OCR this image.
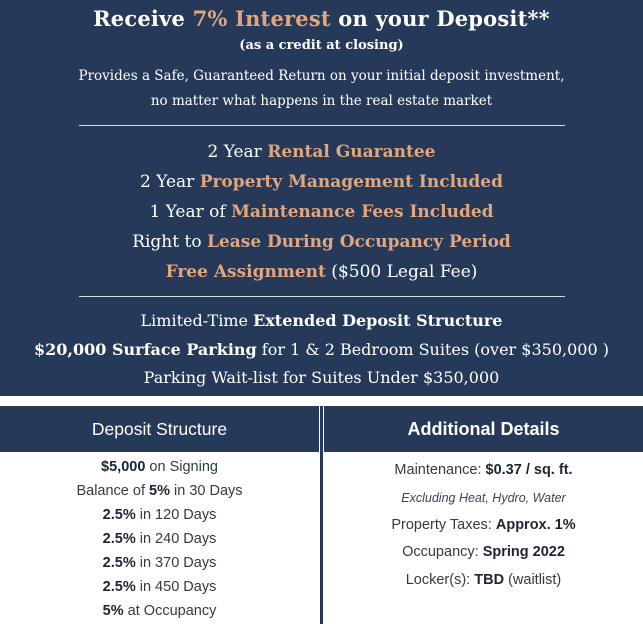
Receive 7% Interest on your Deposit**
(as a credit at closing)
Provides a Safe, Guaranteed Return on your initial deposit investment,
no matter what happens in the real estate market
2 Year Rental Guarantee
2 Year Property Management Included
1 Year of Maintenance Fees Included
Right to Lease During Occupancy Period
Free Assignment ($500 Legal Fee)
Limited-Time Extended Deposit Structure
$20,000 Surface Parking for 1 & 2 Bedroom Suites (over $350,000 )
Parking Wait-list for Suites Under $350,000
Deposit Structure	Additional Details
$5,000 on Signing
Balance of 5% in 30 Days
2.5% in 120 Days
2.5% in 240 Days
2.5% in 370 Days
2.5% in 450 Days
5% at Occupancy
Maintenance: $0.37 / sq. ft.
Excluding Heat, Hydro, Water
Property Taxes: Approx. 1%
Occupancy: Spring 2022
Locker(s): TBD (waitlist)
